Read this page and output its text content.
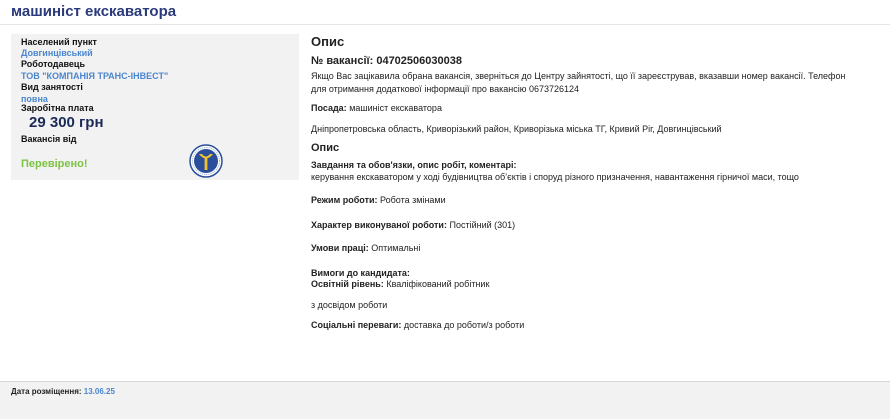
машиніст екскаватора
Населений пункт
Довгинцівський
Роботодавець
ТОВ "КОМПАНІЯ ТРАНС-ІНВЕСТ"
Вид занятості
повна
Заробітна плата
29 300 грн
Вакансія від
Перевірено!
Опис
№ вакансії: 04702506030038
Якщо Вас зацікавила обрана вакансія, зверніться до Центру зайнятості, що її зареєстрував, вказавши номер вакансії. Телефон
для отримання додаткової інформації про вакансію 0673726124
Посада: машиніст екскаватора
Дніпропетровська область, Криворізький район, Криворізька міська ТГ, Кривий Ріг, Довгинцівський
Опис
Завдання та обов'язки, опис робіт, коментарі:
керування екскаватором у ході будівництва об’єктів і споруд різного призначення, навантаження гірничої маси, тощо
Режим роботи: Робота змінами
Характер виконуваної роботи: Постійний (301)
Умови праці: Оптимальні
Вимоги до кандидата:
Освітній рівень: Кваліфікований робітник
з досвідом роботи
Соціальні переваги: доставка до роботи/з роботи
Дата розміщення: 13.06.25
